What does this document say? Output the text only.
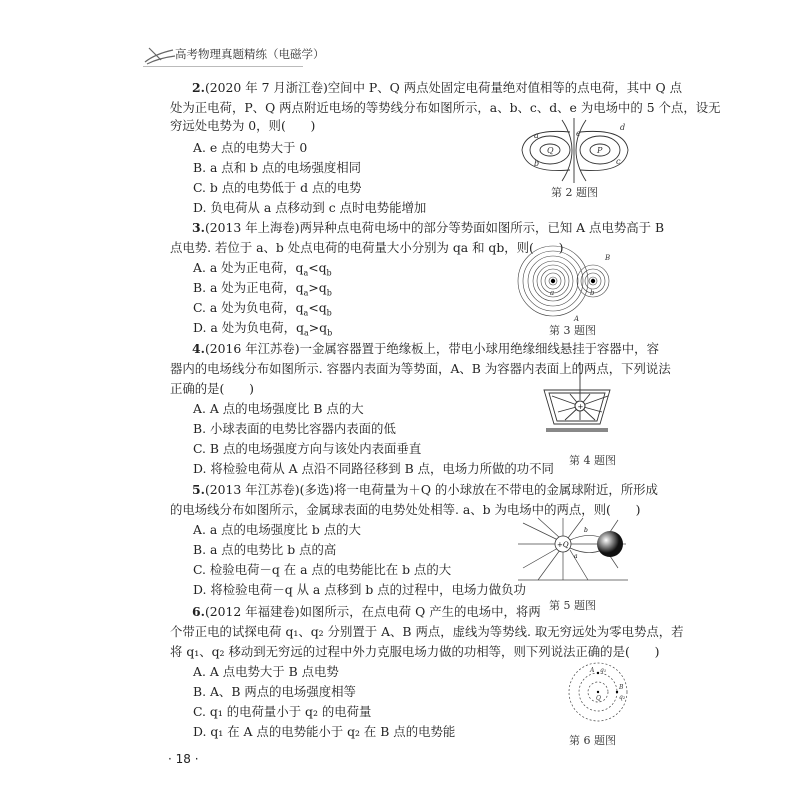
高考物理真题精练（电磁学）
2.(2020 年 7 月浙江卷)空间中 P、Q 两点处固定电荷量绝对值相等的点电荷，其中 Q 点
处为正电荷，P、Q 两点附近电场的等势线分布如图所示，a、b、c、d、e 为电场中的 5 个点，设无
穷远处电势为 0，则(　　)
A. e 点的电势大于 0
B. a 点和 b 点的电场强度相同
C. b 点的电势低于 d 点的电势
D. 负电荷从 a 点移动到 c 点时电势能增加
a
b	c
d
e
Q	P
第 2 题图
3.(2013 年上海卷)两异种点电荷电场中的部分等势面如图所示，已知 A 点电势高于 B
点电势. 若位于 a、b 处点电荷的电荷量大小分别为 qa 和 qb，则(　　)
A. a 处为正电荷，$q_a<q_b$
B. a 处为正电荷，$q_a>q_b$
C. a 处为负电荷，$q_a<q_b$
D. a 处为负电荷，$q_a>q_b$
a	b
A
B
第 3 题图
4.(2016 年江苏卷)一金属容器置于绝缘板上，带电小球用绝缘细线悬挂于容器中，容
器内的电场线分布如图所示. 容器内表面为等势面，A、B 为容器内表面上的两点，下列说法
正确的是(　　)
A. A 点的电场强度比 B 点的大
B. 小球表面的电势比容器内表面的低
C. B 点的电场强度方向与该处内表面垂直
D. 将检验电荷从 A 点沿不同路径移到 B 点，电场力所做的功不同
+
第 4 题图
5.(2013 年江苏卷)(多选)将一电荷量为＋Q 的小球放在不带电的金属球附近，所形成
的电场线分布如图所示，金属球表面的电势处处相等. a、b 为电场中的两点，则(　　)
A. a 点的电场强度比 b 点的大
B. a 点的电势比 b 点的高
C. 检验电荷－q 在 a 点的电势能比在 b 点的大
D. 将检验电荷－q 从 a 点移到 b 点的过程中，电场力做负功
+Q
a
b
第 5 题图
6.(2012 年福建卷)如图所示，在点电荷 Q 产生的电场中，将两
个带正电的试探电荷 q₁、q₂ 分别置于 A、B 两点，虚线为等势线. 取无穷远处为零电势点，若
将 q₁、q₂ 移动到无穷远的过程中外力克服电场力做的功相等，则下列说法正确的是(　　)
A. A 点电势大于 B 点电势
B. A、B 两点的电场强度相等
C. q₁ 的电荷量小于 q₂ 的电荷量
D. q₁ 在 A 点的电势能小于 q₂ 在 B 点的电势能
A q₁
Q
B
q₂
第 6 题图
· 18 ·
